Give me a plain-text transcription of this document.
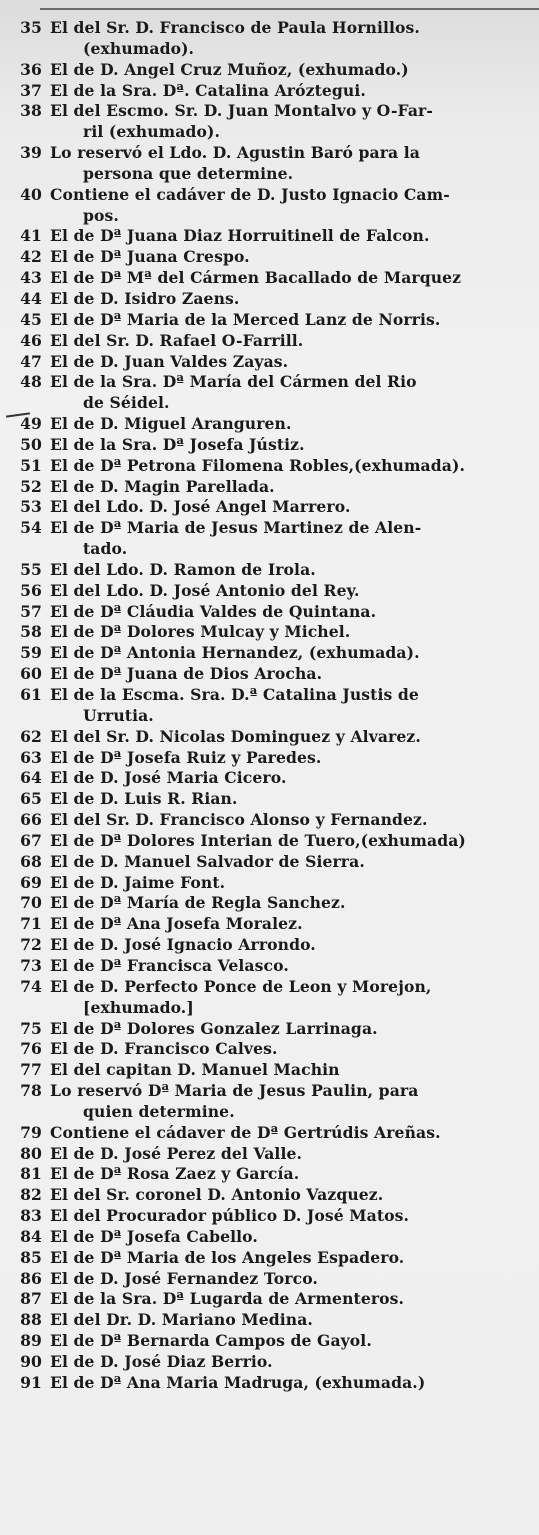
35 El del Sr. D. Francisco de Paula Hornillos.
(exhumado).
36 El de D. Angel Cruz Muñoz, (exhumado.)
37 El de la Sra. Dª. Catalina Aróztegui.
38 El del Escmo. Sr. D. Juan Montalvo y O-Far-
ril (exhumado).
39 Lo reservó el Ldo. D. Agustin Baró para la
persona que determine.
40 Contiene el cadáver de D. Justo Ignacio Cam-
pos.
41 El de Dª Juana Diaz Horruitinell de Falcon.
42 El de Dª Juana Crespo.
43 El de Dª Mª del Cármen Bacallado de Marquez
44 El de D. Isidro Zaens.
45 El de Dª Maria de la Merced Lanz de Norris.
46 El del Sr. D. Rafael O-Farrill.
47 El de D. Juan Valdes Zayas.
48 El de la Sra. Dª María del Cármen del Rio
de Séidel.
49 El de D. Miguel Aranguren.
50 El de la Sra. Dª Josefa Jústiz.
51 El de Dª Petrona Filomena Robles,(exhumada).
52 El de D. Magin Parellada.
53 El del Ldo. D. José Angel Marrero.
54 El de Dª Maria de Jesus Martinez de Alen-
tado.
55 El del Ldo. D. Ramon de Irola.
56 El del Ldo. D. José Antonio del Rey.
57 El de Dª Cláudia Valdes de Quintana.
58 El de Dª Dolores Mulcay y Michel.
59 El de Dª Antonia Hernandez, (exhumada).
60 El de Dª Juana de Dios Arocha.
61 El de la Escma. Sra. D.ª Catalina Justis de
Urrutia.
62 El del Sr. D. Nicolas Dominguez y Alvarez.
63 El de Dª Josefa Ruiz y Paredes.
64 El de D. José Maria Cicero.
65 El de D. Luis R. Rian.
66 El del Sr. D. Francisco Alonso y Fernandez.
67 El de Dª Dolores Interian de Tuero,(exhumada)
68 El de D. Manuel Salvador de Sierra.
69 El de D. Jaime Font.
70 El de Dª María de Regla Sanchez.
71 El de Dª Ana Josefa Moralez.
72 El de D. José Ignacio Arrondo.
73 El de Dª Francisca Velasco.
74 El de D. Perfecto Ponce de Leon y Morejon,
[exhumado.]
75 El de Dª Dolores Gonzalez Larrinaga.
76 El de D. Francisco Calves.
77 El del capitan D. Manuel Machin
78 Lo reservó Dª Maria de Jesus Paulin, para
quien determine.
79 Contiene el cádaver de Dª Gertrúdis Areñas.
80 El de D. José Perez del Valle.
81 El de Dª Rosa Zaez y García.
82 El del Sr. coronel D. Antonio Vazquez.
83 El del Procurador público D. José Matos.
84 El de Dª Josefa Cabello.
85 El de Dª Maria de los Angeles Espadero.
86 El de D. José Fernandez Torco.
87 El de la Sra. Dª Lugarda de Armenteros.
88 El del Dr. D. Mariano Medina.
89 El de Dª Bernarda Campos de Gayol.
90 El de D. José Diaz Berrio.
91 El de Dª Ana Maria Madruga, (exhumada.)
